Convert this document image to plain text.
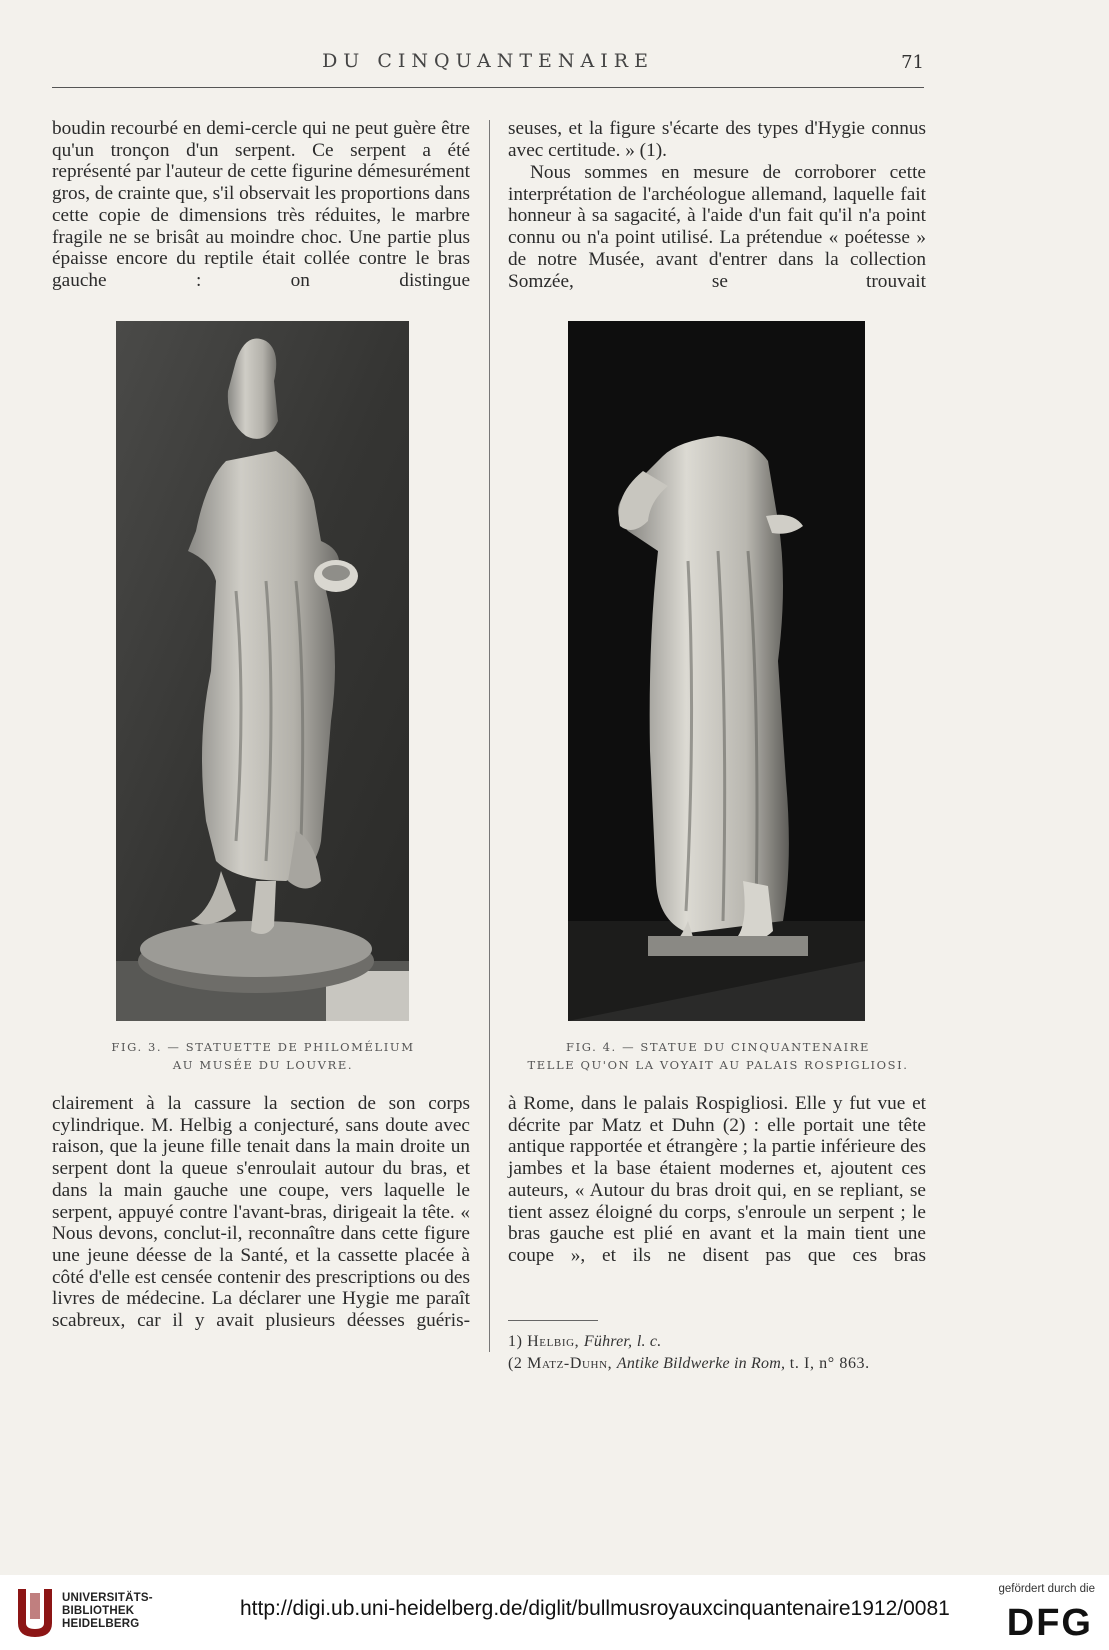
DU CINQUANTENAIRE	71

boudin recourbé en demi-cercle qui ne peut guère être qu'un tronçon d'un serpent. Ce serpent a été représenté par l'auteur de cette figurine démesurément gros, de crainte que, s'il observait les proportions dans cette copie de dimensions très réduites, le marbre fragile ne se brisât au moindre choc. Une partie plus épaisse encore du reptile était collée contre le bras gauche : on distingue

seuses, et la figure s'écarte des types d'Hygie connus avec certitude. » (1).

Nous sommes en mesure de corroborer cette interprétation de l'archéologue allemand, laquelle fait honneur à sa sagacité, à l'aide d'un fait qu'il n'a point connu ou n'a point utilisé. La prétendue « poétesse » de notre Musée, avant d'entrer dans la collection Somzée, se trouvait

FIG. 3. — STATUETTE DE PHILOMÉLIUM
AU MUSÉE DU LOUVRE.

FIG. 4. — STATUE DU CINQUANTENAIRE
TELLE QU'ON LA VOYAIT AU PALAIS ROSPIGLIOSI.

clairement à la cassure la section de son corps cylindrique. M. Helbig a conjecturé, sans doute avec raison, que la jeune fille tenait dans la main droite un serpent dont la queue s'enroulait autour du bras, et dans la main gauche une coupe, vers laquelle le serpent, appuyé contre l'avant-bras, dirigeait la tête. « Nous devons, conclut-il, reconnaître dans cette figure une jeune déesse de la Santé, et la cassette placée à côté d'elle est censée contenir des prescriptions ou des livres de médecine. La déclarer une Hygie me paraît scabreux, car il y avait plusieurs déesses guéris-

à Rome, dans le palais Rospigliosi. Elle y fut vue et décrite par Matz et Duhn (2) : elle portait une tête antique rapportée et étrangère ; la partie inférieure des jambes et la base étaient modernes et, ajoutent ces auteurs, « Autour du bras droit qui, en se repliant, se tient assez éloigné du corps, s'enroule un serpent ; le bras gauche est plié en avant et la main tient une coupe », et ils ne disent pas que ces bras

1) Helbig, Führer, l. c.

(2 Matz-Duhn, Antike Bildwerke in Rom, t. I, n° 863.

UNIVERSITÄTS-
BIBLIOTHEK
HEIDELBERG

http://digi.ub.uni-heidelberg.de/diglit/bullmusroyauxcinquantenaire1912/0081

gefördert durch die

DFG
